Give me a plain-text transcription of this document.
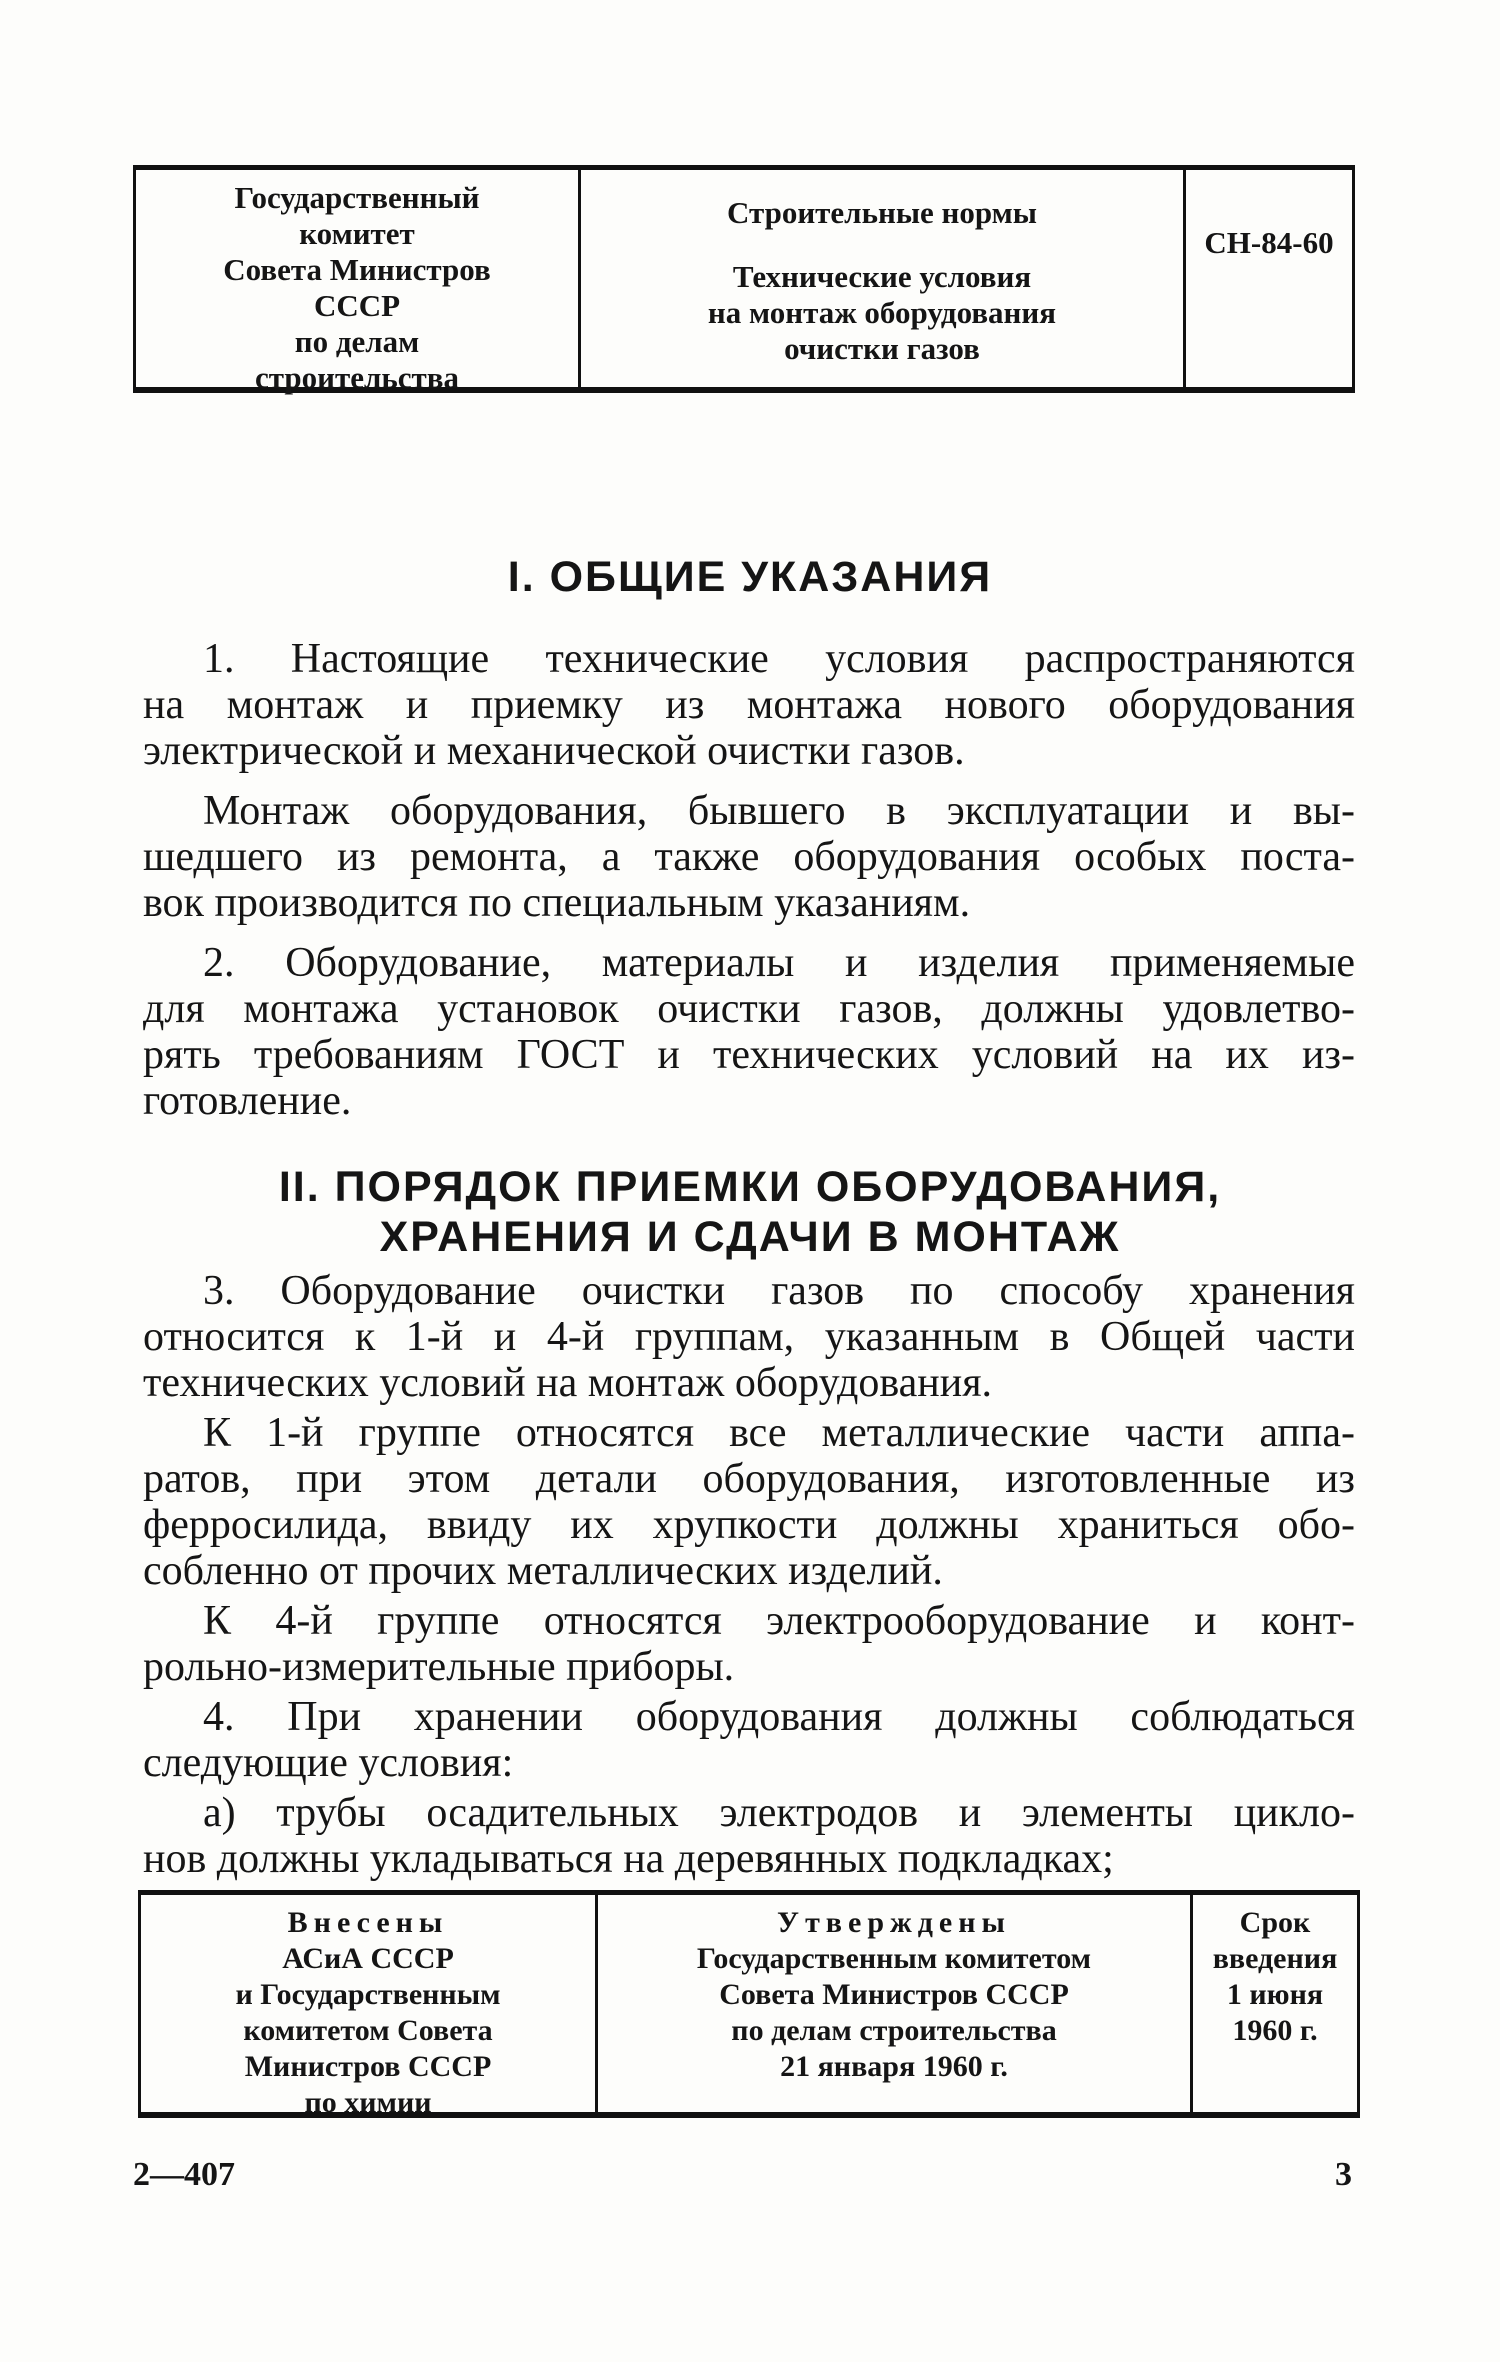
Государственный
комитет
Совета Министров
СССР
по делам
строительства
Строительные нормы
Технические условия
на монтаж оборудования
очистки газов
СН-84-60
I. ОБЩИЕ УКАЗАНИЯ
1. Настоящие технические условия распространяются
на монтаж и приемку из монтажа нового оборудования
электрической и механической очистки газов.
Монтаж оборудования, бывшего в эксплуатации и вы-
шедшего из ремонта, а также оборудования особых поста-
вок производится по специальным указаниям.
2. Оборудование, материалы и изделия применяемые
для монтажа установок очистки газов, должны удовлетво-
рять требованиям ГОСТ и технических условий на их из-
готовление.
II. ПОРЯДОК ПРИЕМКИ ОБОРУДОВАНИЯ,
ХРАНЕНИЯ И СДАЧИ В МОНТАЖ
3. Оборудование очистки газов по способу хранения
относится к 1-й и 4-й группам, указанным в Общей части
технических условий на монтаж оборудования.
К 1-й группе относятся все металлические части аппа-
ратов, при этом детали оборудования, изготовленные из
ферросилида, ввиду их хрупкости должны храниться обо-
собленно от прочих металлических изделий.
К 4-й группе относятся электрооборудование и конт-
рольно-измерительные приборы.
4. При хранении оборудования должны соблюдаться
следующие условия:
а) трубы осадительных электродов и элементы цикло-
нов должны укладываться на деревянных подкладках;
Внесены
АСиА СССР
и Государственным
комитетом Совета
Министров СССР
по химии
Утверждены
Государственным комитетом
Совета Министров СССР
по делам строительства
21 января 1960 г.
Срок
введения
1 июня
1960 г.
2—407	3
